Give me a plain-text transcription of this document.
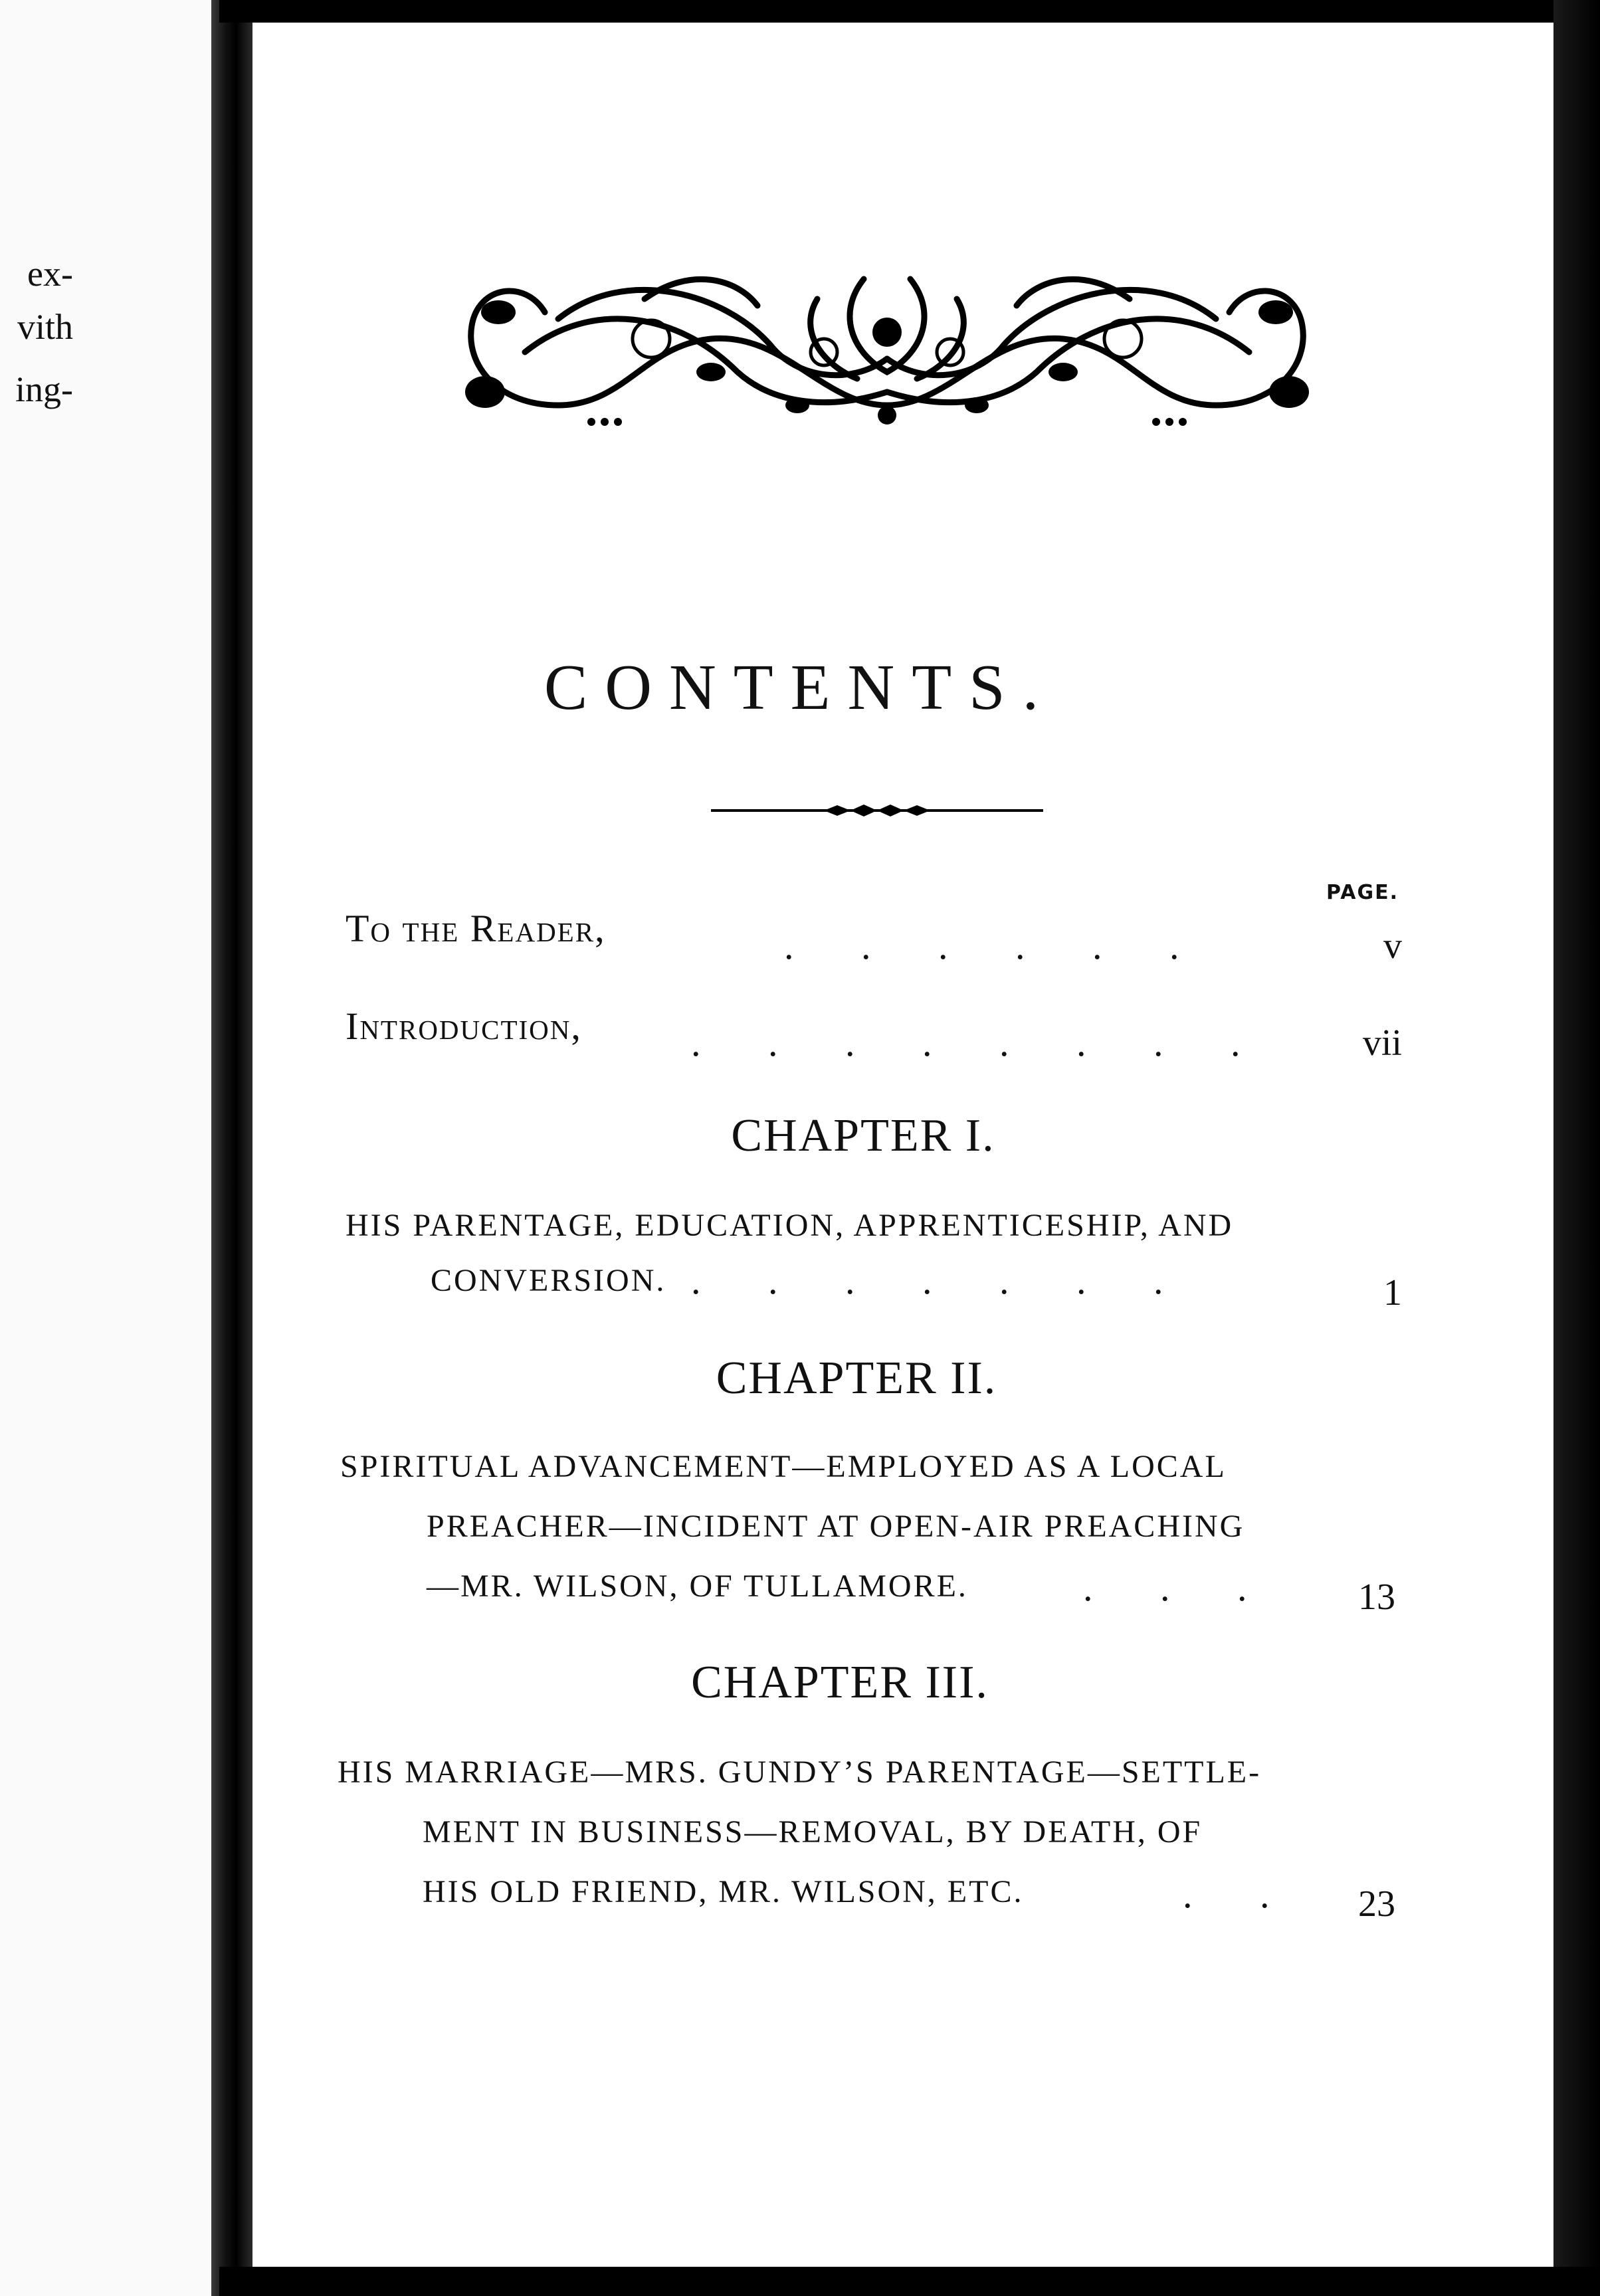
ex-
vith
ing-
CONTENTS.
PAGE.
To the Reader,	.       .       .       .       .       .	v
Introduction,	.       .       .       .       .       .       .       .	vii
CHAPTER I.
HIS PARENTAGE, EDUCATION, APPRENTICESHIP, AND
CONVERSION. .       .       .       .       .       .       .	1
CHAPTER II.
SPIRITUAL ADVANCEMENT—EMPLOYED AS A LOCAL
PREACHER—INCIDENT AT OPEN-AIR PREACHING
—MR. WILSON, OF TULLAMORE.	.       .       .	13
CHAPTER III.
HIS MARRIAGE—MRS. GUNDY’S PARENTAGE—SETTLE-
MENT IN BUSINESS—REMOVAL, BY DEATH, OF
HIS OLD FRIEND, MR. WILSON, ETC.	.       .	23
